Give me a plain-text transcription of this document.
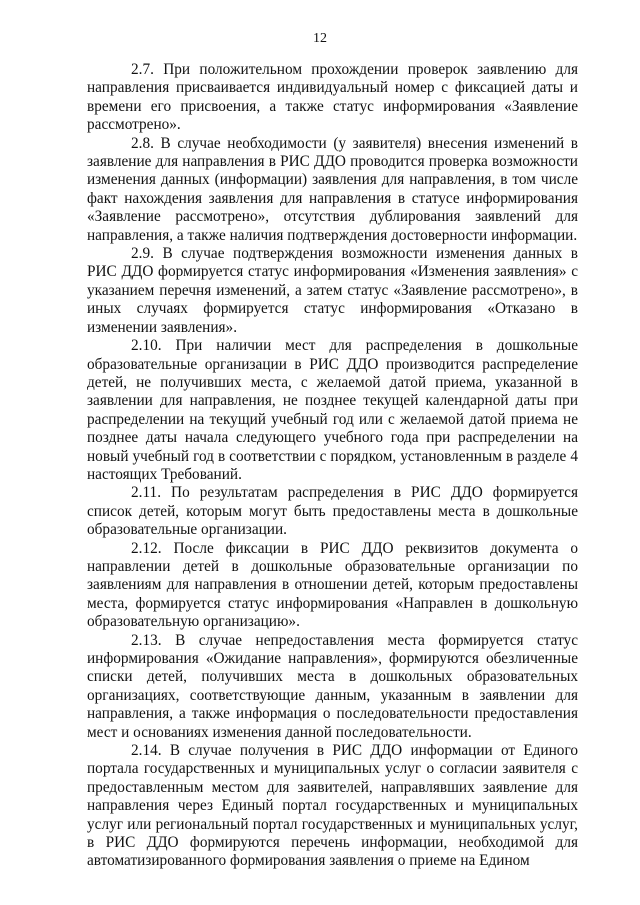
12

2.7. При положительном прохождении проверок заявлению для направления присваивается индивидуальный номер с фиксацией даты и времени его присвоения, а также статус информирования «Заявление рассмотрено».

2.8. В случае необходимости (у заявителя) внесения изменений в заявление для направления в РИС ДДО проводится проверка возможности изменения данных (информации) заявления для направления, в том числе факт нахождения заявления для направления в статусе информирования «Заявление рассмотрено», отсутствия дублирования заявлений для направления, а также наличия подтверждения достоверности информации.

2.9. В случае подтверждения возможности изменения данных в РИС ДДО формируется статус информирования «Изменения заявления» с указанием перечня изменений, а затем статус «Заявление рассмотрено», в иных случаях формируется статус информирования «Отказано в изменении заявления».

2.10. При наличии мест для распределения в дошкольные образовательные организации в РИС ДДО производится распределение детей, не получивших места, с желаемой датой приема, указанной в заявлении для направления, не позднее текущей календарной даты при распределении на текущий учебный год или с желаемой датой приема не позднее даты начала следующего учебного года при распределении на новый учебный год в соответствии с порядком, установленным в разделе 4 настоящих Требований.

2.11. По результатам распределения в РИС ДДО формируется список детей, которым могут быть предоставлены места в дошкольные образовательные организации.

2.12. После фиксации в РИС ДДО реквизитов документа о направлении детей в дошкольные образовательные организации по заявлениям для направления в отношении детей, которым предоставлены места, формируется статус информирования «Направлен в дошкольную образовательную организацию».

2.13. В случае непредоставления места формируется статус информирования «Ожидание направления», формируются обезличенные списки детей, получивших места в дошкольных образовательных организациях, соответствующие данным, указанным в заявлении для направления, а также информация о последовательности предоставления мест и основаниях изменения данной последовательности.

2.14. В случае получения в РИС ДДО информации от Единого портала государственных и муниципальных услуг о согласии заявителя с предоставленным местом для заявителей, направлявших заявление для направления через Единый портал государственных и муниципальных услуг или региональный портал государственных и муниципальных услуг, в РИС ДДО формируются перечень информации, необходимой для автоматизированного формирования заявления о приеме на Едином
